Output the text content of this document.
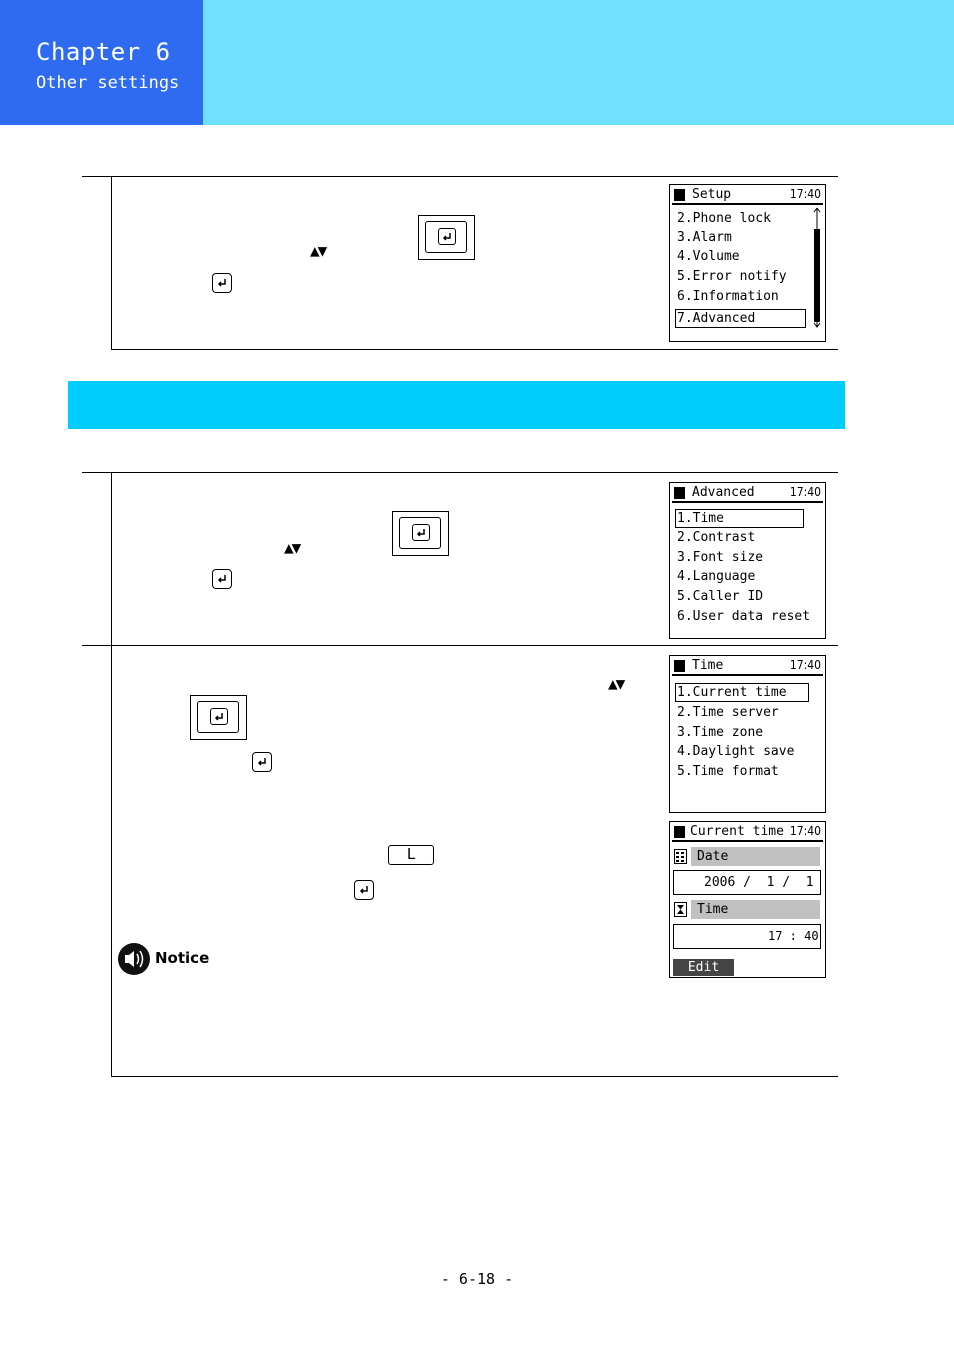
Chapter 6
Other settings
▲▼
Setup	17:40
2.Phone lock
3.Alarm
4.Volume
5.Error notify
6.Information
7.Advanced
▲▼
Advanced	17:40
1.Time
2.Contrast
3.Font size
4.Language
5.Caller ID
6.User data reset
▲▼
L
Time	17:40
1.Current time
2.Time server
3.Time zone
4.Daylight save
5.Time format
Current time 17:40
Date
2006 /  1 /  1
Time
17 : 40
Edit
Notice
- 6-18 -
